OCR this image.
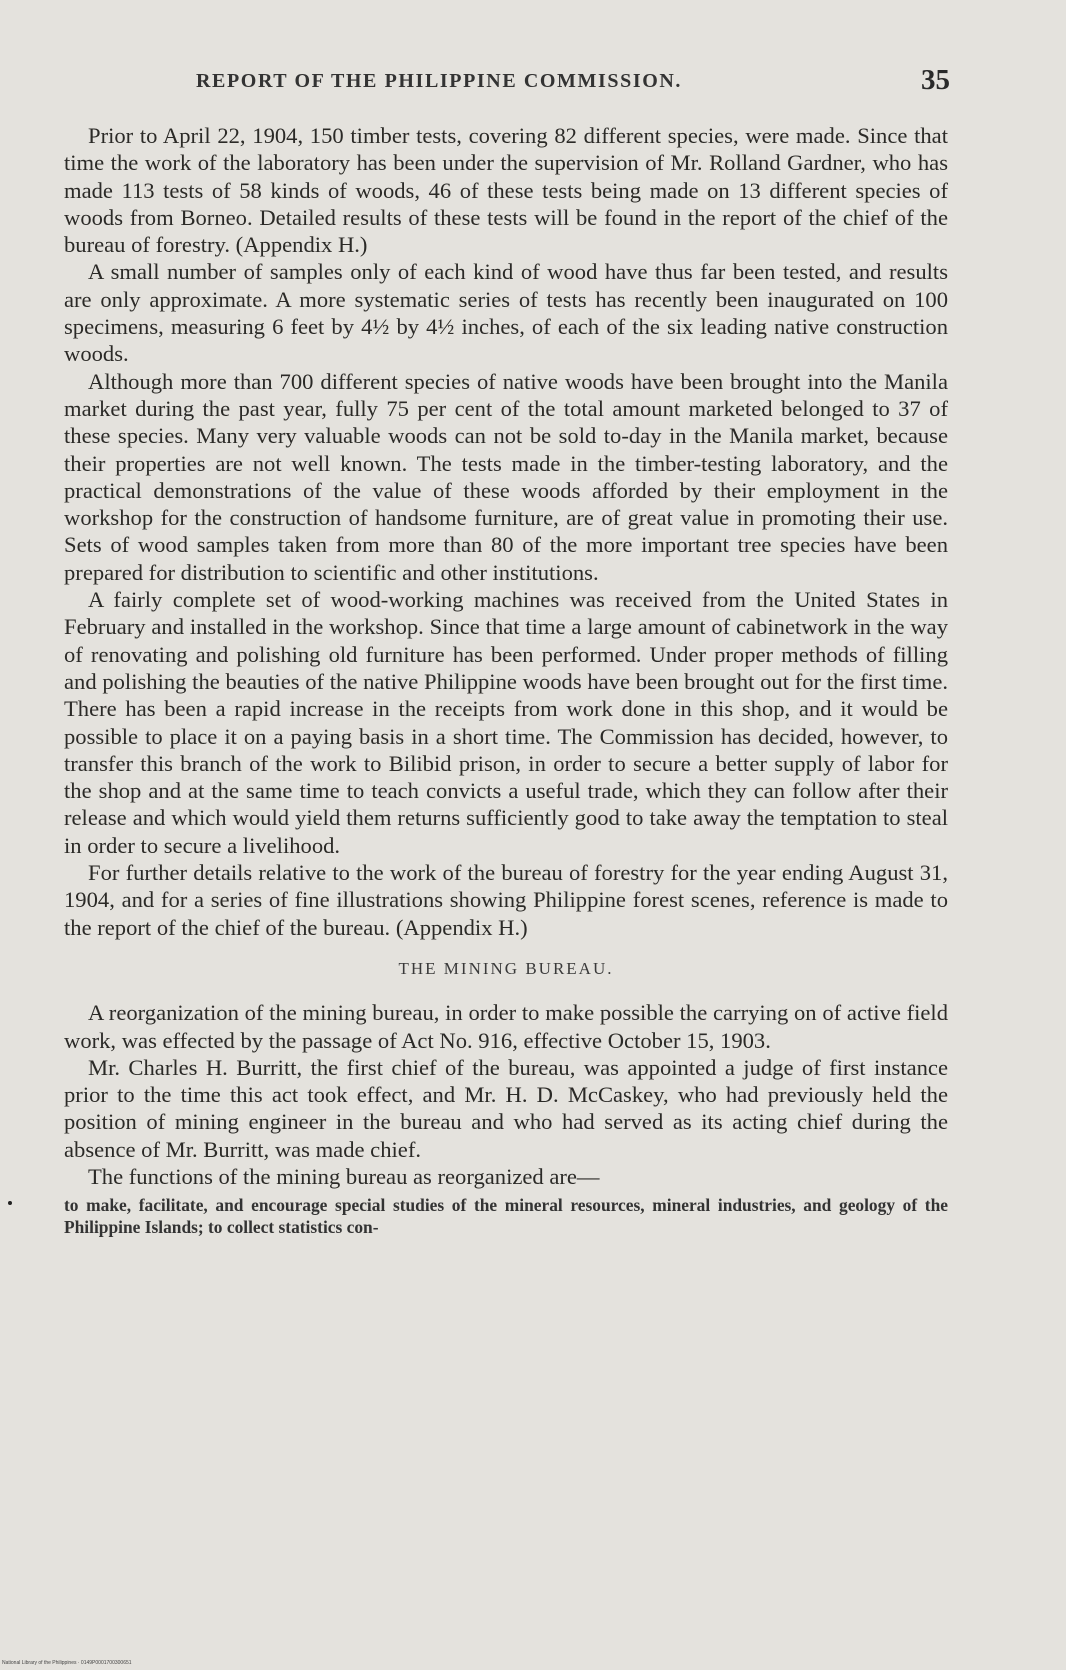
REPORT OF THE PHILIPPINE COMMISSION.	35

Prior to April 22, 1904, 150 timber tests, covering 82 different species, were made. Since that time the work of the laboratory has been under the supervision of Mr. Rolland Gardner, who has made 113 tests of 58 kinds of woods, 46 of these tests being made on 13 different species of woods from Borneo. Detailed results of these tests will be found in the report of the chief of the bureau of forestry. (Appendix H.)

A small number of samples only of each kind of wood have thus far been tested, and results are only approximate. A more systematic series of tests has recently been inaugurated on 100 specimens, measuring 6 feet by 4½ by 4½ inches, of each of the six leading native construction woods.

Although more than 700 different species of native woods have been brought into the Manila market during the past year, fully 75 per cent of the total amount marketed belonged to 37 of these species. Many very valuable woods can not be sold to-day in the Manila market, because their properties are not well known. The tests made in the timber-testing laboratory, and the practical demonstrations of the value of these woods afforded by their employment in the workshop for the construction of handsome furniture, are of great value in promoting their use. Sets of wood samples taken from more than 80 of the more important tree species have been prepared for distribution to scientific and other institutions.

A fairly complete set of wood-working machines was received from the United States in February and installed in the workshop. Since that time a large amount of cabinetwork in the way of renovating and polishing old furniture has been performed. Under proper methods of filling and polishing the beauties of the native Philippine woods have been brought out for the first time. There has been a rapid increase in the receipts from work done in this shop, and it would be possible to place it on a paying basis in a short time. The Commission has decided, however, to transfer this branch of the work to Bilibid prison, in order to secure a better supply of labor for the shop and at the same time to teach convicts a useful trade, which they can follow after their release and which would yield them returns sufficiently good to take away the temptation to steal in order to secure a livelihood.

For further details relative to the work of the bureau of forestry for the year ending August 31, 1904, and for a series of fine illustrations showing Philippine forest scenes, reference is made to the report of the chief of the bureau. (Appendix H.)

THE MINING BUREAU.

A reorganization of the mining bureau, in order to make possible the carrying on of active field work, was effected by the passage of Act No. 916, effective October 15, 1903.

Mr. Charles H. Burritt, the first chief of the bureau, was appointed a judge of first instance prior to the time this act took effect, and Mr. H. D. McCaskey, who had previously held the position of mining engineer in the bureau and who had served as its acting chief during the absence of Mr. Burritt, was made chief.

The functions of the mining bureau as reorganized are—

to make, facilitate, and encourage special studies of the mineral resources, mineral industries, and geology of the Philippine Islands; to collect statistics con-

National Library of the Philippines · 0149P0001700300651
